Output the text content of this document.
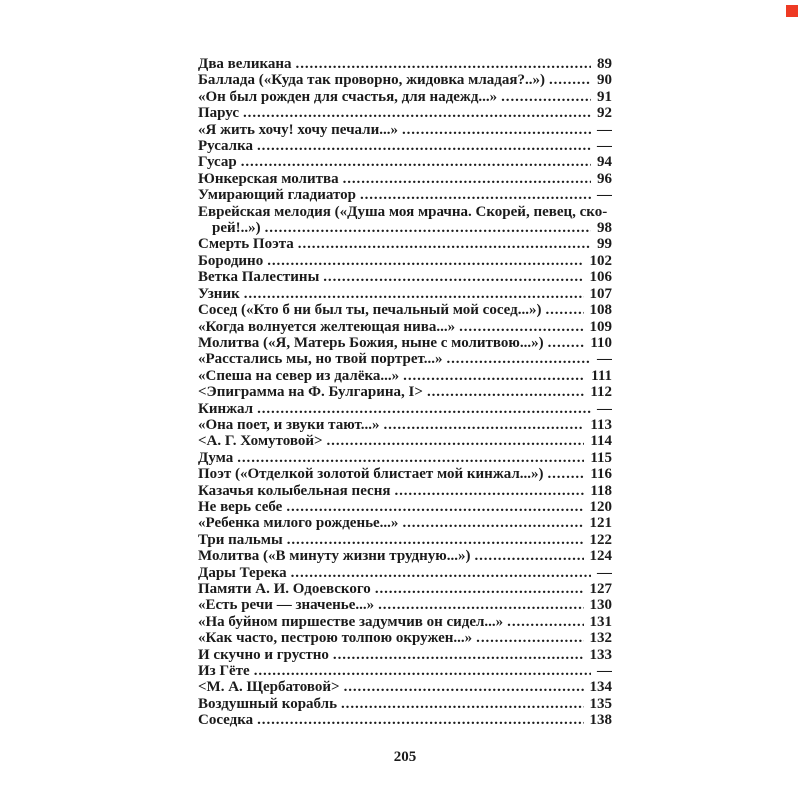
Два великана .....	89
Баллада («Куда так проворно, жидовка младая?..») .....	90
«Он был рожден для счастья, для надежд...» .....	91
Парус .....	92
«Я жить хочу! хочу печали...» .....	—
Русалка .....	—
Гусар .....	94
Юнкерская молитва .....	96
Умирающий гладиатор .....	—
Еврейская мелодия («Душа моя мрачна. Скорей, певец, ско-
рей!..») .....	98
Смерть Поэта .....	99
Бородино .....	102
Ветка Палестины .....	106
Узник .....	107
Сосед («Кто б ни был ты, печальный мой сосед...») .....	108
«Когда волнуется желтеющая нива...» .....	109
Молитва («Я, Матерь Божия, ныне с молитвою...») .....	110
«Расстались мы, но твой портрет...» .....	—
«Спеша на север из далёка...» .....	111
<Эпиграмма на Ф. Булгарина, I> .....	112
Кинжал .....	—
«Она поет, и звуки тают...» .....	113
<А. Г. Хомутовой> .....	114
Дума .....	115
Поэт («Отделкой золотой блистает мой кинжал...») .....	116
Казачья колыбельная песня .....	118
Не верь себе .....	120
«Ребенка милого рожденье...» .....	121
Три пальмы .....	122
Молитва («В минуту жизни трудную...») .....	124
Дары Терека .....	—
Памяти А. И. Одоевского .....	127
«Есть речи — значенье...» .....	130
«На буйном пиршестве задумчив он сидел...» .....	131
«Как часто, пестрою толпою окружен...» .....	132
И скучно и грустно .....	133
Из Гёте .....	—
<М. А. Щербатовой> .....	134
Воздушный корабль .....	135
Соседка .....	138
205
